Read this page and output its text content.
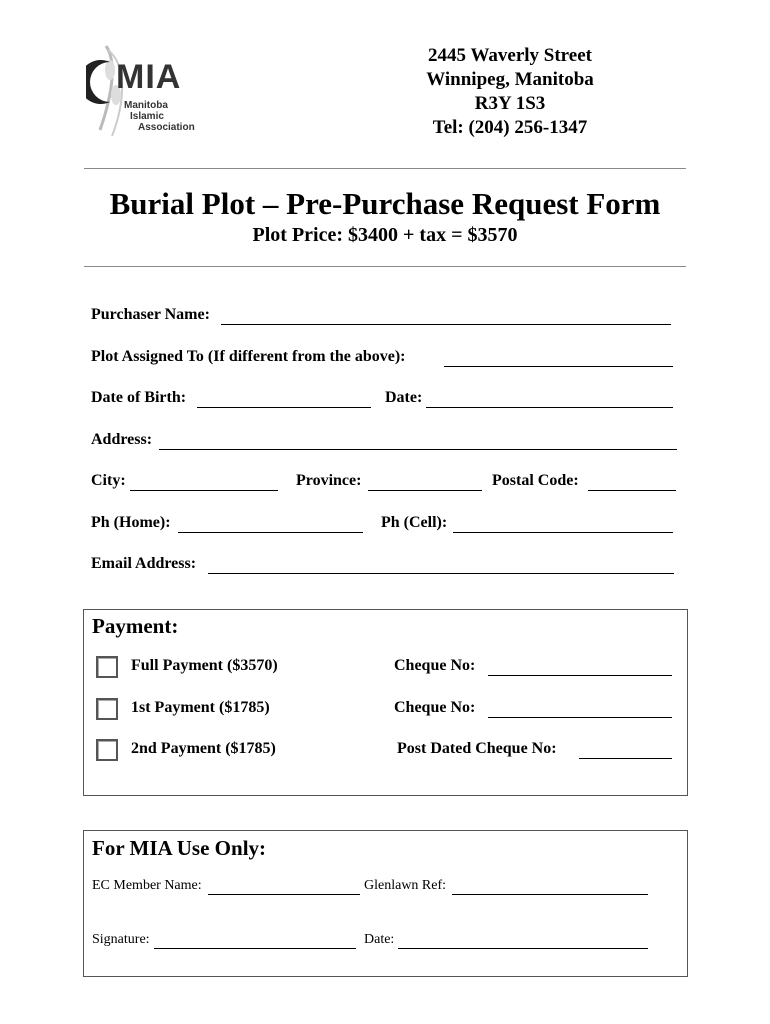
MIA
Manitoba
Islamic
Association
2445 Waverly Street
Winnipeg, Manitoba
R3Y 1S3
Tel: (204) 256-1347
Burial Plot – Pre-Purchase Request Form
Plot Price: $3400 + tax = $3570
Purchaser Name:
Plot Assigned To (If different from the above):
Date of Birth:	Date:
Address:
City:	Province:	Postal Code:
Ph (Home):	Ph (Cell):
Email Address:
Payment:
Full Payment ($3570)	Cheque No:
1st Payment ($1785)	Cheque No:
2nd Payment ($1785)	Post Dated Cheque No:
For MIA Use Only:
EC Member Name:	Glenlawn Ref:
Signature:	Date:
